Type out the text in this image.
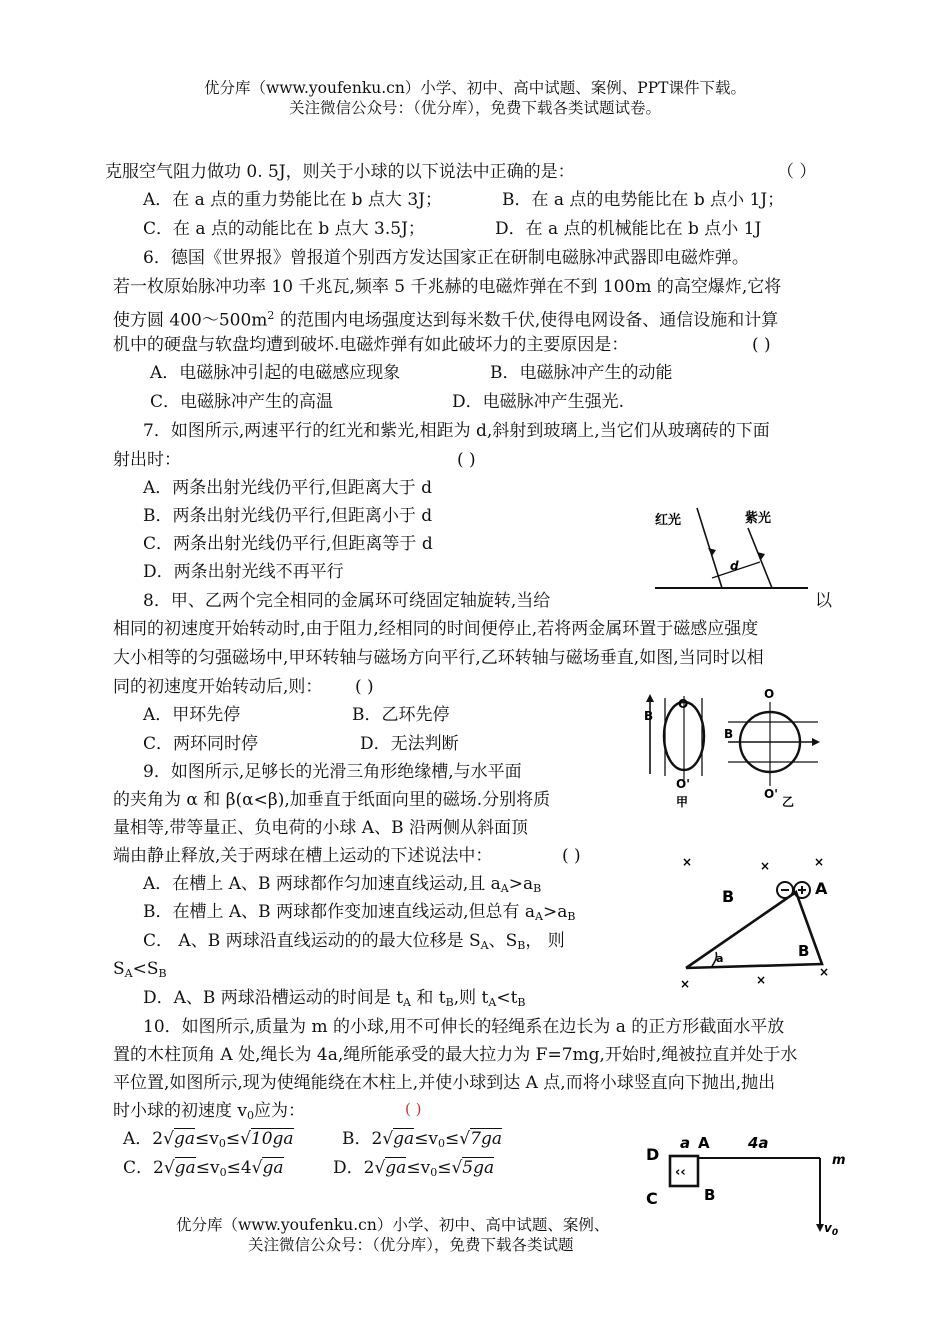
优分库（www.youfenku.cn）小学、初中、高中试题、案例、PPT课件下载。
关注微信公众号：（优分库），免费下载各类试题试卷。
克服空气阻力做功 0. 5J，则关于小球的以下说法中正确的是：	（ ）
A．在 a 点的重力势能比在 b 点大 3J；	B．在 a 点的电势能比在 b 点小 1J；
C．在 a 点的动能比在 b 点大 3.5J；	D．在 a 点的机械能比在 b 点小 1J
6．德国《世界报》曾报道个别西方发达国家正在研制电磁脉冲武器即电磁炸弹。
若一枚原始脉冲功率 10 千兆瓦,频率 5 千兆赫的电磁炸弹在不到 100m 的高空爆炸,它将
使方圆 $400\sim 500m^2$ 的范围内电场强度达到每米数千伏,使得电网设备、通信设施和计算
机中的硬盘与软盘均遭到破坏.电磁炸弹有如此破坏力的主要原因是：	( )
A．电磁脉冲引起的电磁感应现象	B．电磁脉冲产生的动能
C．电磁脉冲产生的高温	D．电磁脉冲产生强光.
7．如图所示,两速平行的红光和紫光,相距为 d,斜射到玻璃上,当它们从玻璃砖的下面
射出时：	( )
A．两条出射光线仍平行,但距离大于 d
B．两条出射光线仍平行,但距离小于 d
C．两条出射光线仍平行,但距离等于 d
D．两条出射光线不再平行
红光	紫光
d
8．甲、乙两个完全相同的金属环可绕固定轴旋转,当给	以
相同的初速度开始转动时,由于阻力,经相同的时间便停止,若将两金属环置于磁感应强度
大小相等的匀强磁场中,甲环转轴与磁场方向平行,乙环转轴与磁场垂直,如图,当同时以相
同的初速度开始转动后,则： ( )
A．甲环先停	B．乙环先停
C．两环同时停	D．无法判断
B
O
O'
甲
O
B
O'
乙
9．如图所示,足够长的光滑三角形绝缘槽,与水平面
的夹角为 α 和 β(α<β),加垂直于纸面向里的磁场.分别将质
量相等,带等量正、负电荷的小球 A、B 沿两侧从斜面顶
端由静止释放,关于两球在槽上运动的下述说法中：	( )
A．在槽上 A、B 两球都作匀加速直线运动,且 $a_A>a_B$
B．在槽上 A、B 两球都作变加速直线运动,但总有 $a_A>a_B$
C． A、B 两球沿直线运动的的最大位移是 $S_A$、$S_B$， 则
$S_A<S_B$
D．A、B 两球沿槽运动的时间是 $t_A$ 和 $t_B$,则 $t_A<t_B$
×	×	×
×	×
×
B	A
a	B
10．如图所示,质量为 m 的小球,用不可伸长的轻绳系在边长为 a 的正方形截面水平放
置的木柱顶角 A 处,绳长为 4a,绳所能承受的最大拉力为 F=7mg,开始时,绳被拉直并处于水
平位置,如图所示,现为使绳能绕在木柱上,并使小球到达 A 点,而将小球竖直向下抛出,抛出
时小球的初速度 $v_0$应为：	( )
A．$2√ga\le v_0\le√10ga$	B．$2√ga\le v_0\le√7ga$
C．$2√ga\le v_0\le 4√ga$	D．$2√ga\le v_0\le√5ga$
D
a A	4a
m
‹‹
C	B
$v_0$
优分库（www.youfenku.cn）小学、初中、高中试题、案例、
关注微信公众号：（优分库），免费下载各类试题
